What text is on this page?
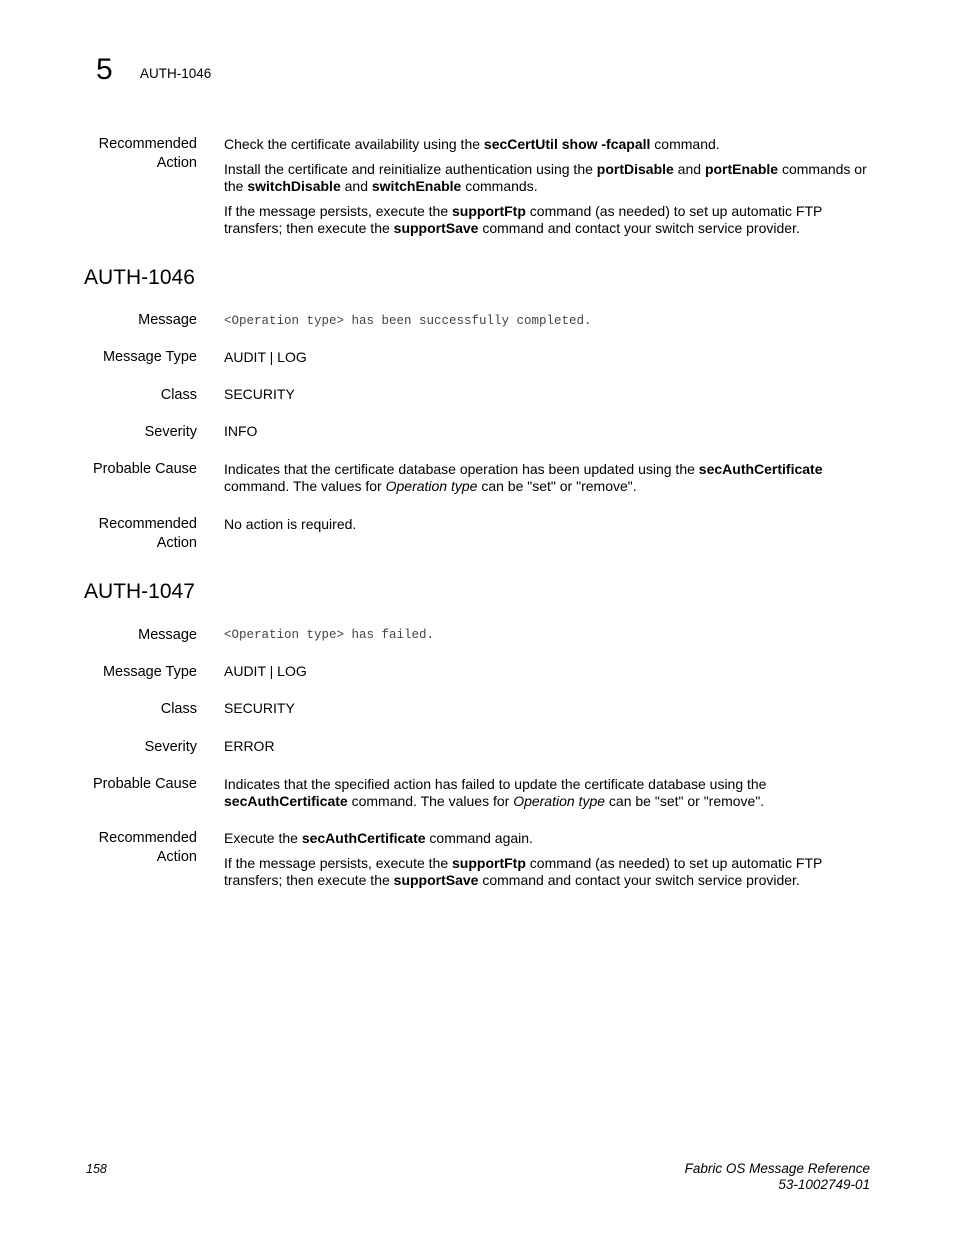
5 AUTH-1046
Recommended
Action

Check the certificate availability using the secCertUtil show -fcapall command.

Install the certificate and reinitialize authentication using the portDisable and portEnable commands or the switchDisable and switchEnable commands.

If the message persists, execute the supportFtp command (as needed) to set up automatic FTP transfers; then execute the supportSave command and contact your switch service provider.

AUTH-1046
Message <Operation type> has been successfully completed.
Message Type AUDIT | LOG
Class SECURITY
Severity INFO
Probable Cause Indicates that the certificate database operation has been updated using the secAuthCertificate command. The values for Operation type can be "set" or "remove".
Recommended
Action
No action is required.
AUTH-1047
Message <Operation type> has failed.
Message Type AUDIT | LOG
Class SECURITY
Severity ERROR
Probable Cause Indicates that the specified action has failed to update the certificate database using the secAuthCertificate command. The values for Operation type can be "set" or "remove".
Recommended
Action

Execute the secAuthCertificate command again.

If the message persists, execute the supportFtp command (as needed) to set up automatic FTP transfers; then execute the supportSave command and contact your switch service provider.

158	Fabric OS Message Reference
53-1002749-01
